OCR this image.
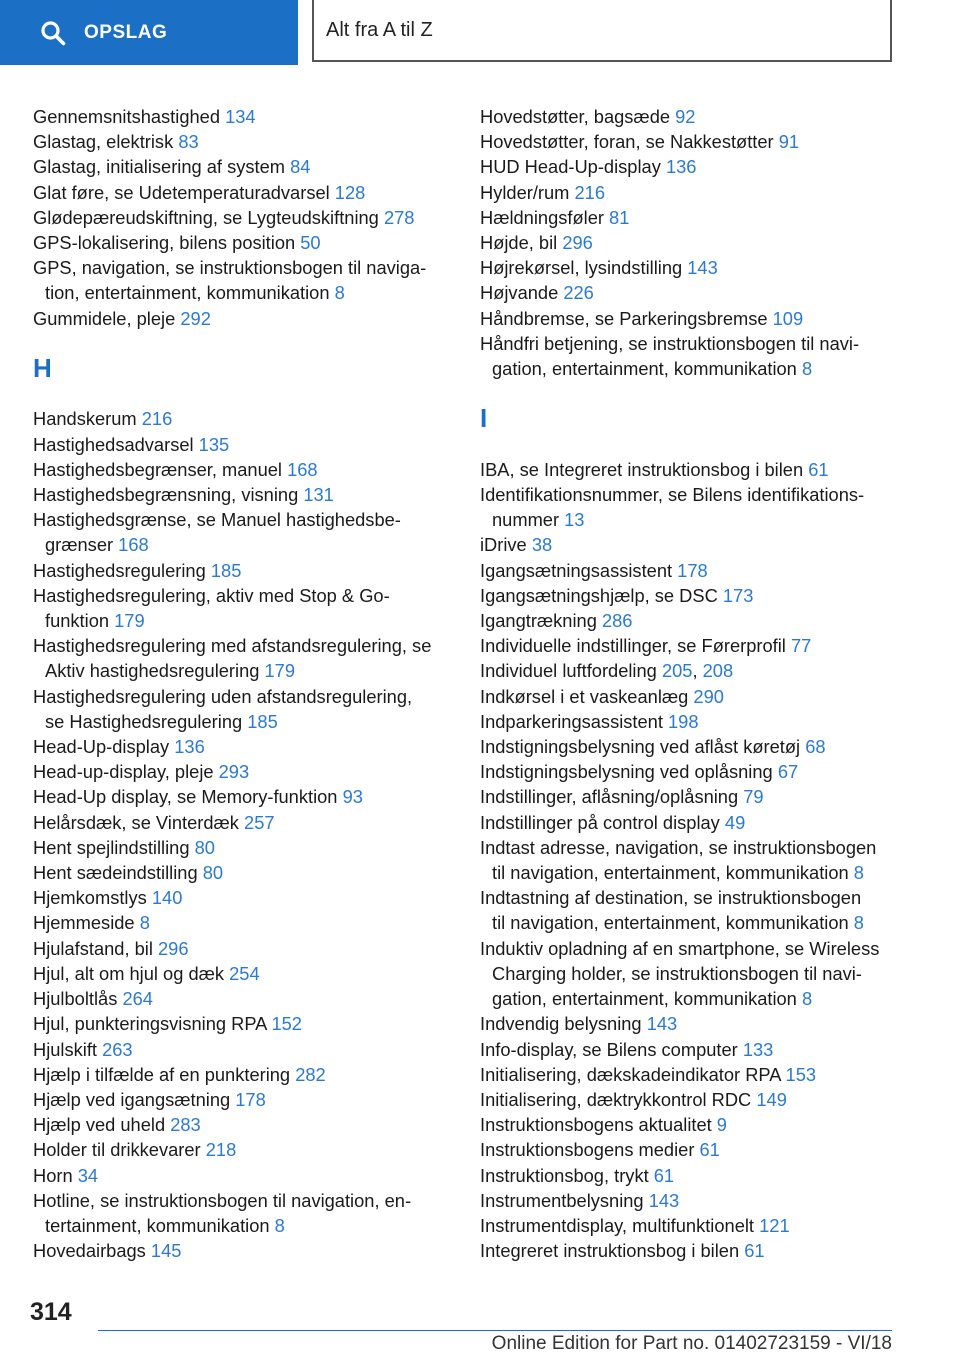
OPSLAG	Alt fra A til Z
Gennemsnitshastighed 134
Glastag, elektrisk 83
Glastag, initialisering af system 84
Glat føre, se Udetemperaturadvarsel 128
Glødepæreudskiftning, se Lygteudskiftning 278
GPS-lokalisering, bilens position 50
GPS, navigation, se instruktionsbogen til naviga-
tion, entertainment, kommunikation 8
Gummidele, pleje 292
H
Handskerum 216
Hastighedsadvarsel 135
Hastighedsbegrænser, manuel 168
Hastighedsbegrænsning, visning 131
Hastighedsgrænse, se Manuel hastighedsbe-
grænser 168
Hastighedsregulering 185
Hastighedsregulering, aktiv med Stop & Go-
funktion 179
Hastighedsregulering med afstandsregulering, se
Aktiv hastighedsregulering 179
Hastighedsregulering uden afstandsregulering,
se Hastighedsregulering 185
Head-Up-display 136
Head-up-display, pleje 293
Head-Up display, se Memory-funktion 93
Helårsdæk, se Vinterdæk 257
Hent spejlindstilling 80
Hent sædeindstilling 80
Hjemkomstlys 140
Hjemmeside 8
Hjulafstand, bil 296
Hjul, alt om hjul og dæk 254
Hjulboltlås 264
Hjul, punkteringsvisning RPA 152
Hjulskift 263
Hjælp i tilfælde af en punktering 282
Hjælp ved igangsætning 178
Hjælp ved uheld 283
Holder til drikkevarer 218
Horn 34
Hotline, se instruktionsbogen til navigation, en-
tertainment, kommunikation 8
Hovedairbags 145
Hovedstøtter, bagsæde 92
Hovedstøtter, foran, se Nakkestøtter 91
HUD Head-Up-display 136
Hylder/rum 216
Hældningsføler 81
Højde, bil 296
Højrekørsel, lysindstilling 143
Højvande 226
Håndbremse, se Parkeringsbremse 109
Håndfri betjening, se instruktionsbogen til navi-
gation, entertainment, kommunikation 8
I
IBA, se Integreret instruktionsbog i bilen 61
Identifikationsnummer, se Bilens identifikations-
nummer 13
iDrive 38
Igangsætningsassistent 178
Igangsætningshjælp, se DSC 173
Igangtrækning 286
Individuelle indstillinger, se Førerprofil 77
Individuel luftfordeling 205, 208
Indkørsel i et vaskeanlæg 290
Indparkeringsassistent 198
Indstigningsbelysning ved aflåst køretøj 68
Indstigningsbelysning ved oplåsning 67
Indstillinger, aflåsning/oplåsning 79
Indstillinger på control display 49
Indtast adresse, navigation, se instruktionsbogen
til navigation, entertainment, kommunikation 8
Indtastning af destination, se instruktionsbogen
til navigation, entertainment, kommunikation 8
Induktiv opladning af en smartphone, se Wireless
Charging holder, se instruktionsbogen til navi-
gation, entertainment, kommunikation 8
Indvendig belysning 143
Info-display, se Bilens computer 133
Initialisering, dækskadeindikator RPA 153
Initialisering, dæktrykkontrol RDC 149
Instruktionsbogens aktualitet 9
Instruktionsbogens medier 61
Instruktionsbog, trykt 61
Instrumentbelysning 143
Instrumentdisplay, multifunktionelt 121
Integreret instruktionsbog i bilen 61
314
Online Edition for Part no. 01402723159 - VI/18
